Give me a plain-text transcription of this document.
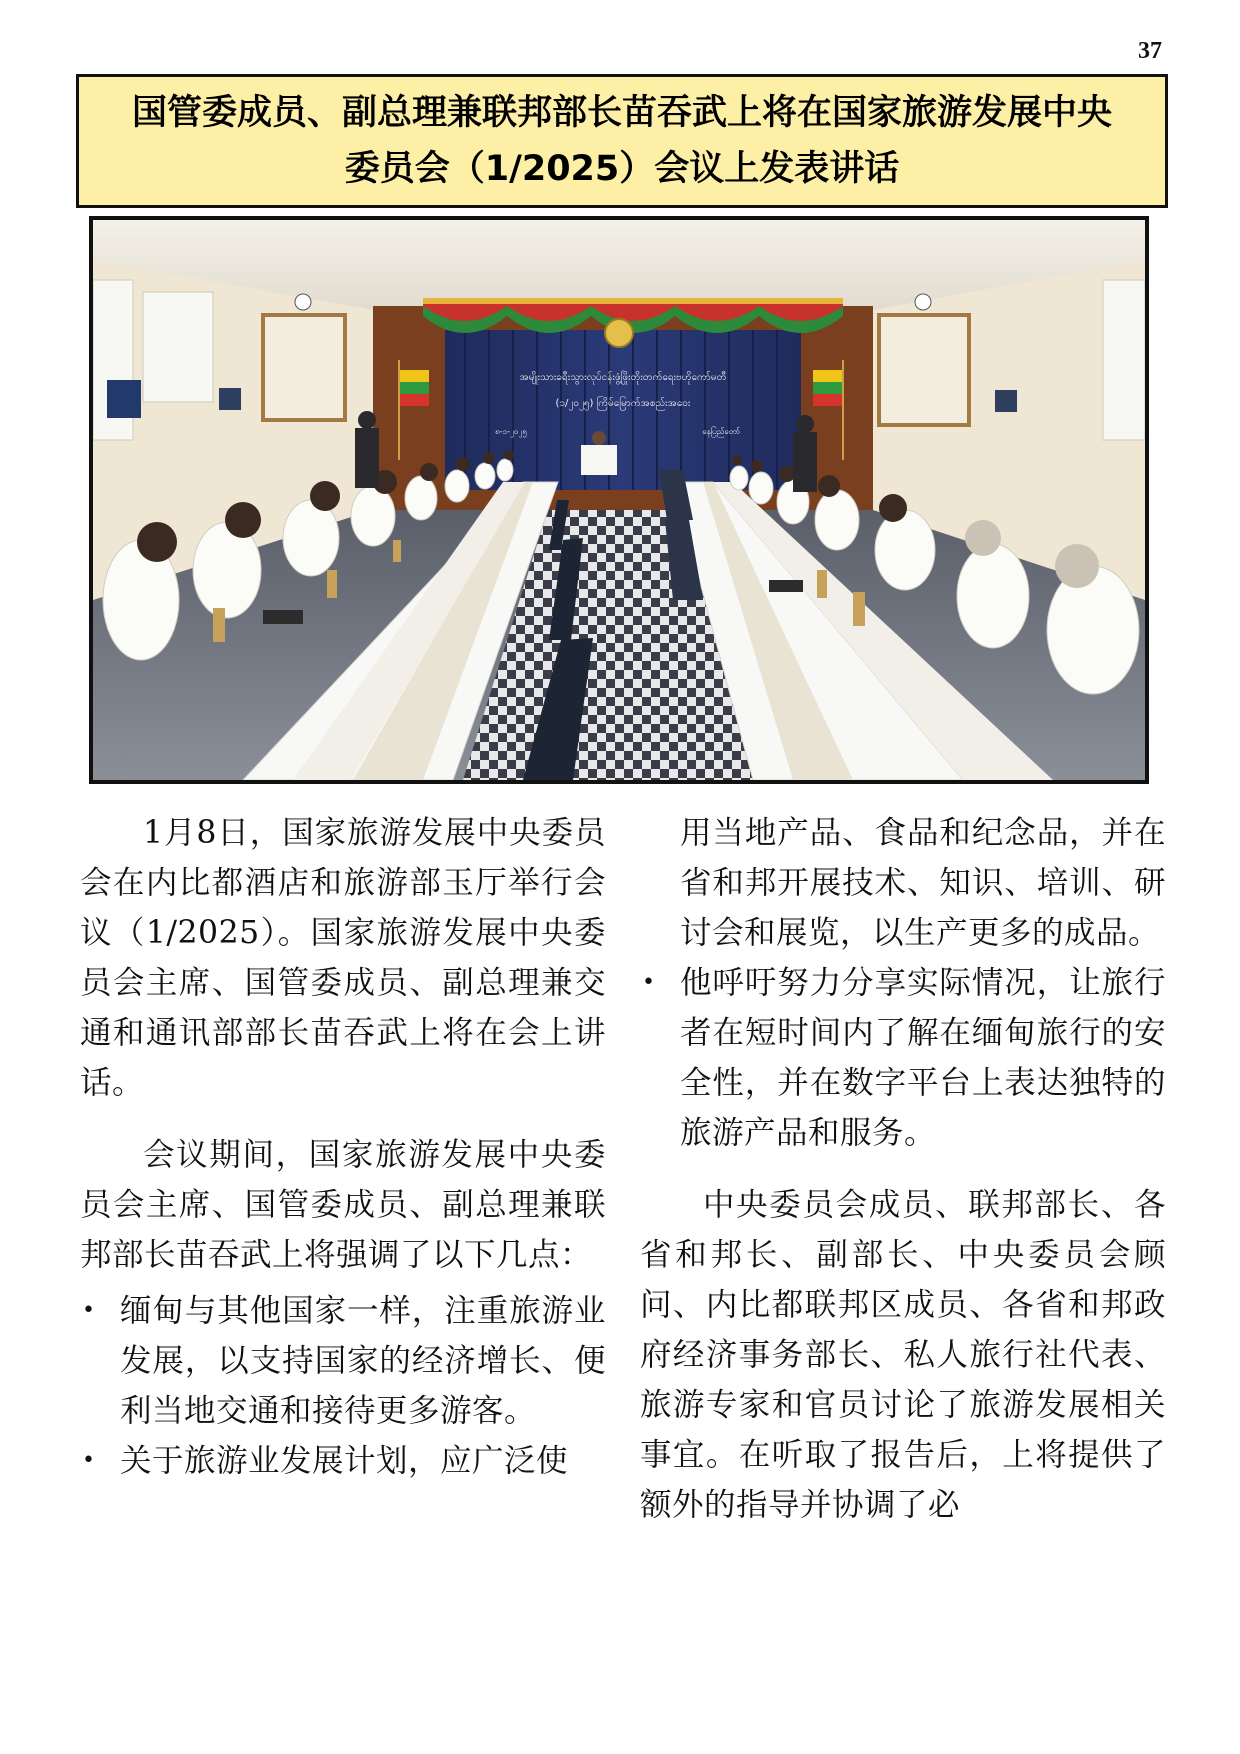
37
国管委成员、副总理兼联邦部长苗吞武上将在国家旅游发展中央
委员会（1/2025）会议上发表讲话
အမျိုးသားခရီးသွားလုပ်ငန်းဖွံ့ဖြိုးတိုးတက်ရေးဗဟိုကော်မတီ
(၁/၂၀၂၅) ကြိမ်မြောက်အစည်းအဝေး
၈-၁-၂၀၂၅	နေပြည်တော်

1月8日，国家旅游发展中央委员会在内比都酒店和旅游部玉厅举行会议（1/2025）。国家旅游发展中央委员会主席、国管委成员、副总理兼交通和通讯部部长苗吞武上将在会上讲话。

会议期间，国家旅游发展中央委员会主席、国管委成员、副总理兼联邦部长苗吞武上将强调了以下几点：

• 缅甸与其他国家一样，注重旅游业发展，以支持国家的经济增长、便利当地交通和接待更多游客。
• 关于旅游业发展计划，应广泛使

用当地产品、食品和纪念品，并在省和邦开展技术、知识、培训、研讨会和展览，以生产更多的成品。

• 他呼吁努力分享实际情况，让旅行者在短时间内了解在缅甸旅行的安全性，并在数字平台上表达独特的旅游产品和服务。

中央委员会成员、联邦部长、各省和邦长、副部长、中央委员会顾问、内比都联邦区成员、各省和邦政府经济事务部长、私人旅行社代表、旅游专家和官员讨论了旅游发展相关事宜。在听取了报告后，上将提供了额外的指导并协调了必
